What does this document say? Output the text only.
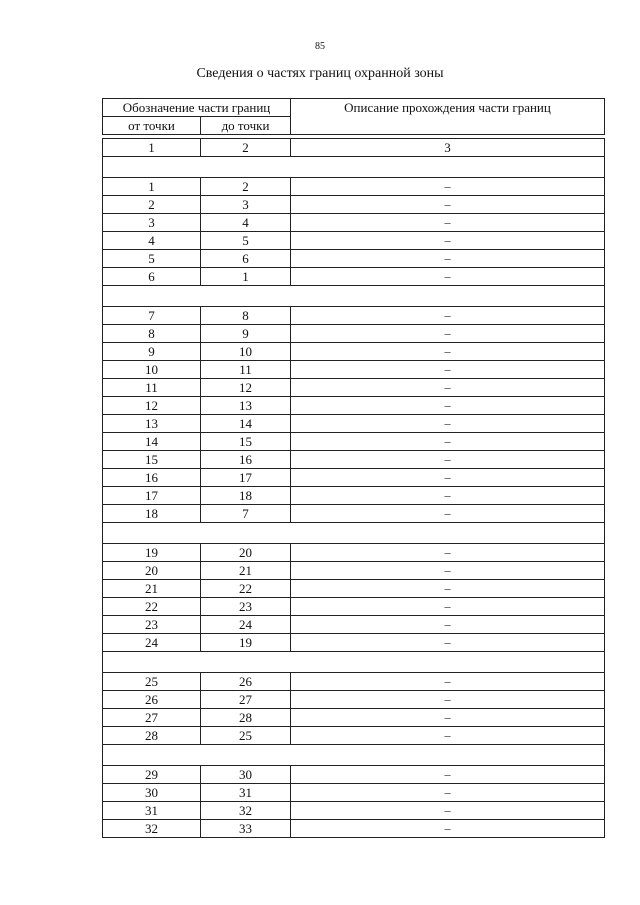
85
Сведения о частях границ охранной зоны
Обозначение части границ		Описание прохождения части границ
от точки	до точки	

1	2	3

1	2	–
2	3	–
3	4	–
4	5	–
5	6	–
6	1	–

7	8	–
8	9	–
9	10	–
10	11	–
11	12	–
12	13	–
13	14	–
14	15	–
15	16	–
16	17	–
17	18	–
18	7	–

19	20	–
20	21	–
21	22	–
22	23	–
23	24	–
24	19	–

25	26	–
26	27	–
27	28	–
28	25	–

29	30	–
30	31	–
31	32	–
32	33	–
